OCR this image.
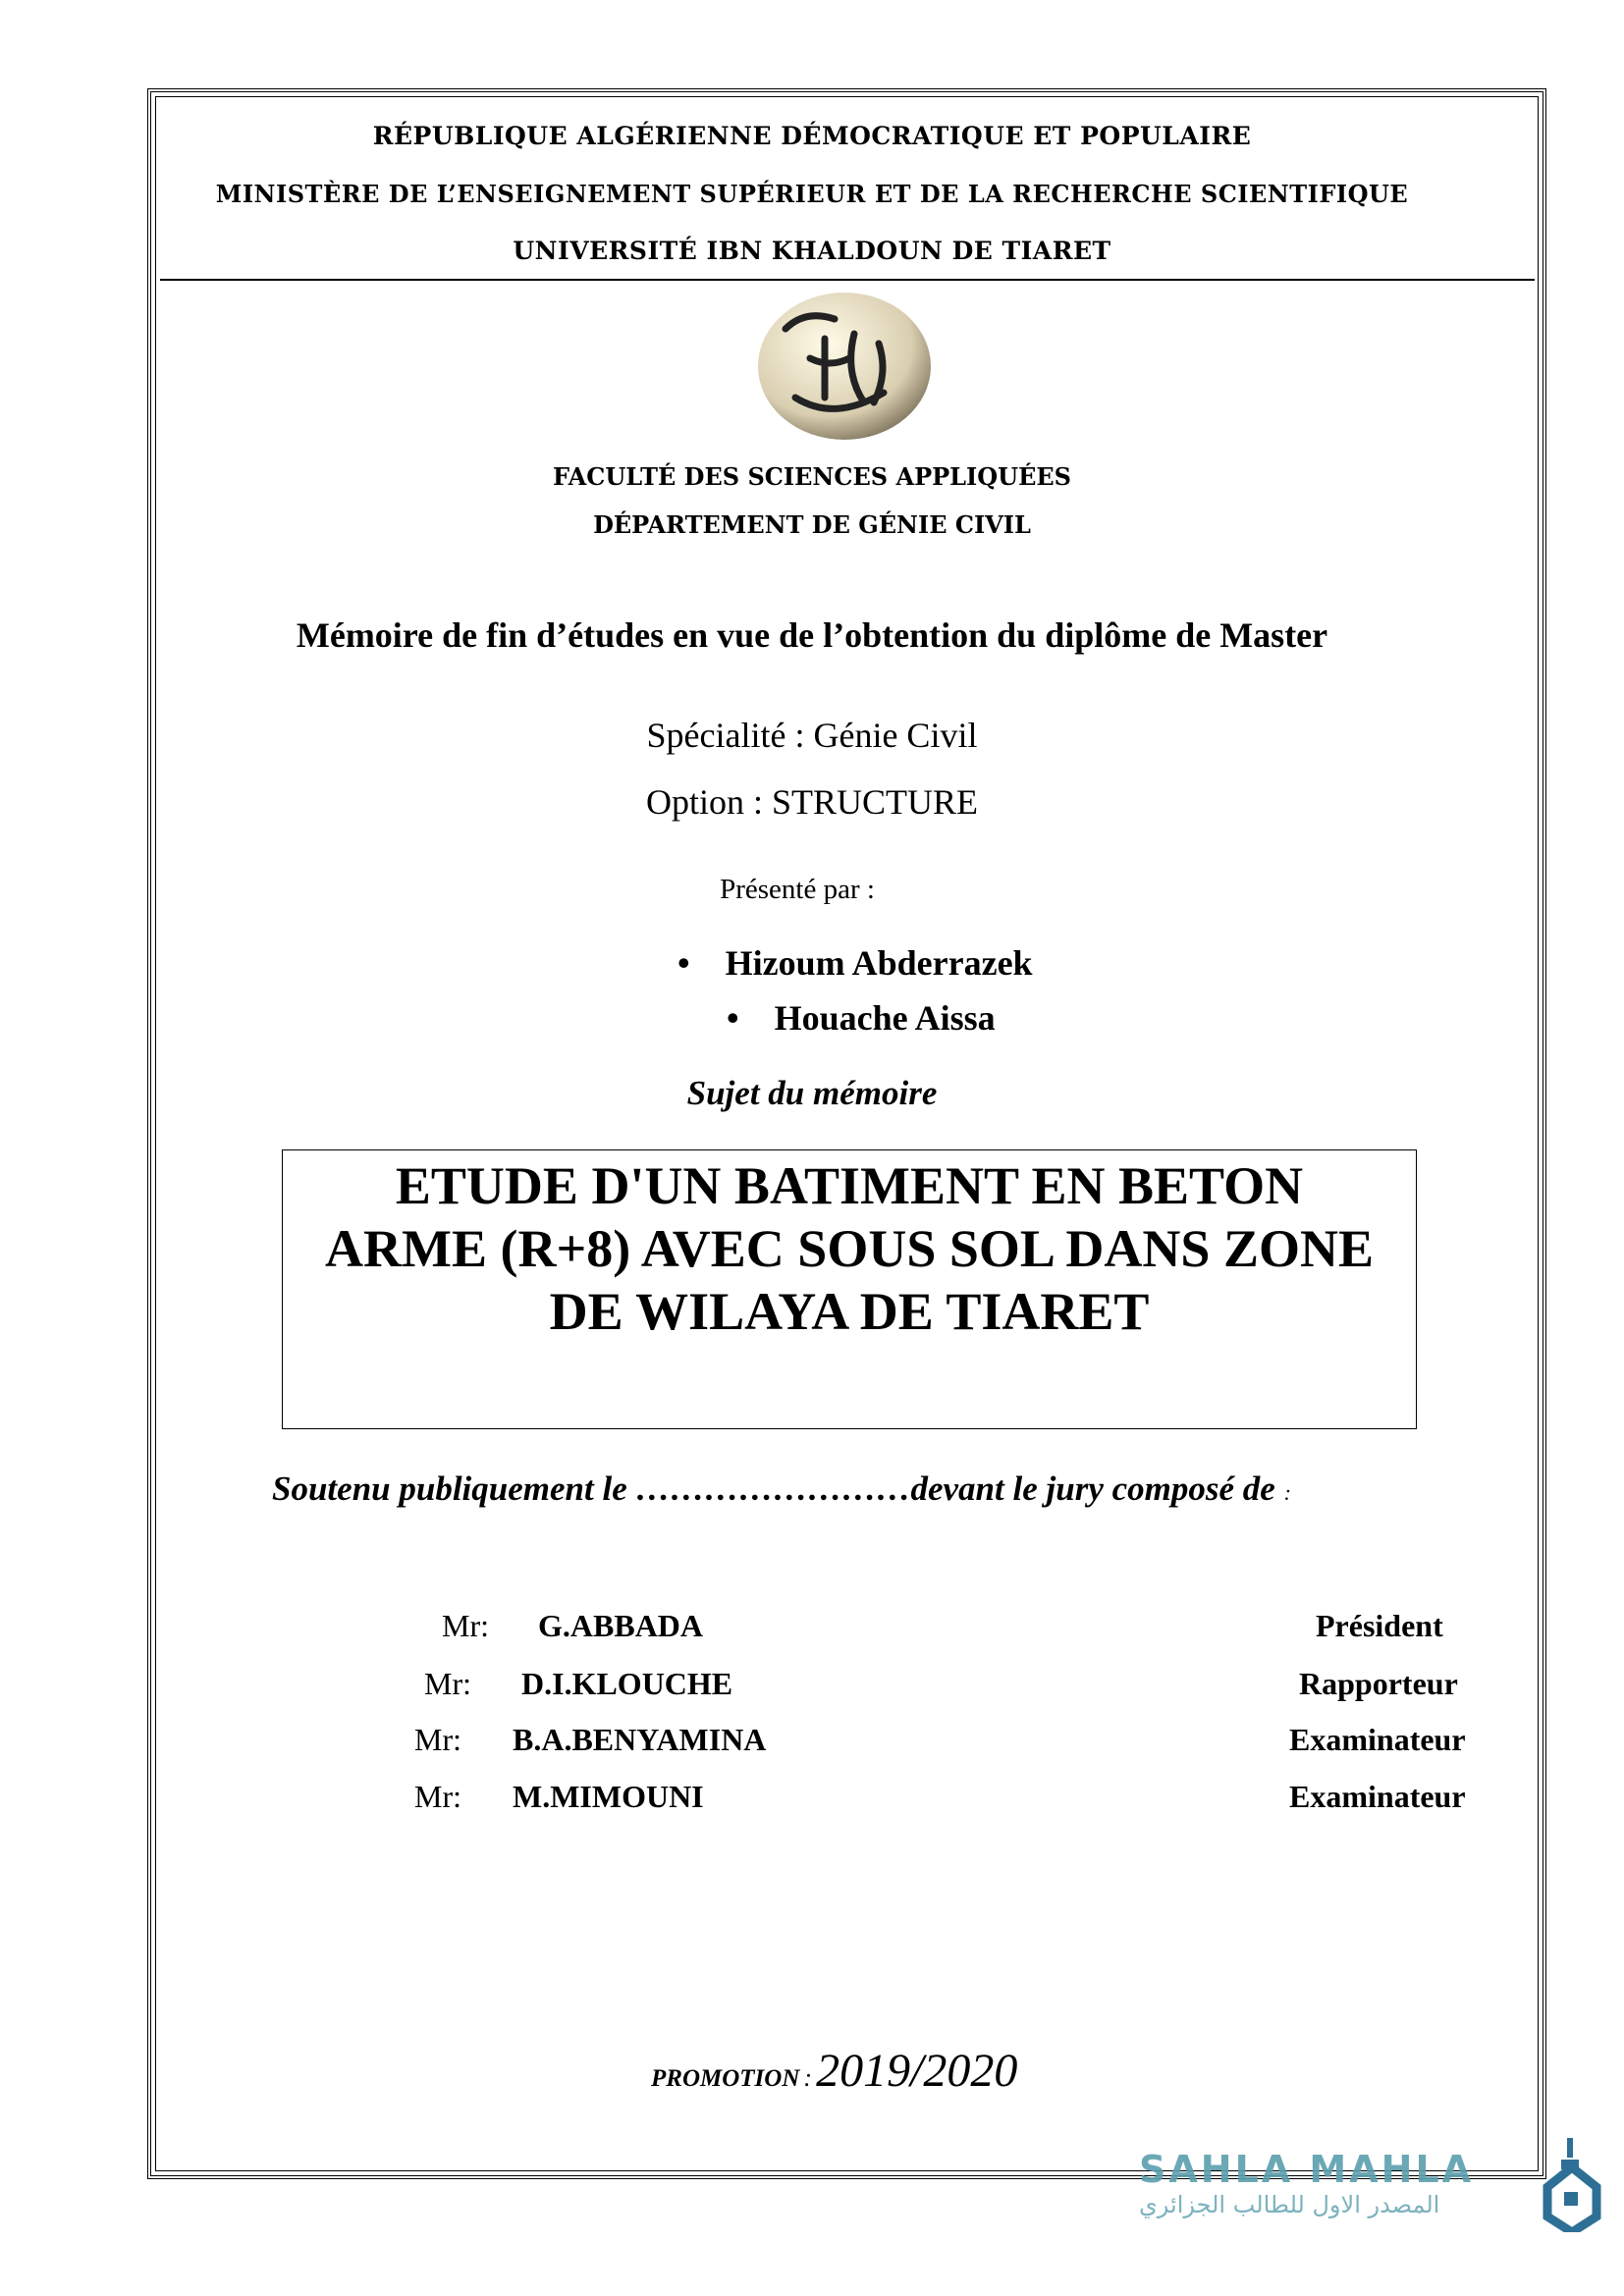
RÉPUBLIQUE ALGÉRIENNE DÉMOCRATIQUE ET POPULAIRE
MINISTÈRE DE L’ENSEIGNEMENT SUPÉRIEUR ET DE LA RECHERCHE SCIENTIFIQUE
UNIVERSITÉ IBN KHALDOUN DE TIARET
FACULTÉ DES SCIENCES APPLIQUÉES
DÉPARTEMENT DE GÉNIE CIVIL
Mémoire de fin d’études en vue de l’obtention du diplôme de Master
Spécialité : Génie Civil
Option : STRUCTURE
Présenté par :
•    Hizoum Abderrazek
•    Houache Aissa
Sujet du mémoire
ETUDE D'UN BATIMENT EN BETON
ARME (R+8) AVEC SOUS SOL DANS ZONE
DE WILAYA DE TIARET
Soutenu publiquement le ……………………devant le jury composé de :
Mr: G.ABBADA	Président
Mr: D.I.KLOUCHE	Rapporteur
Mr: B.A.BENYAMINA	Examinateur
Mr: M.MIMOUNI	Examinateur
PROMOTION : 2019/2020
SAHLA MAHLA
المصدر الاول للطالب الجزائري
